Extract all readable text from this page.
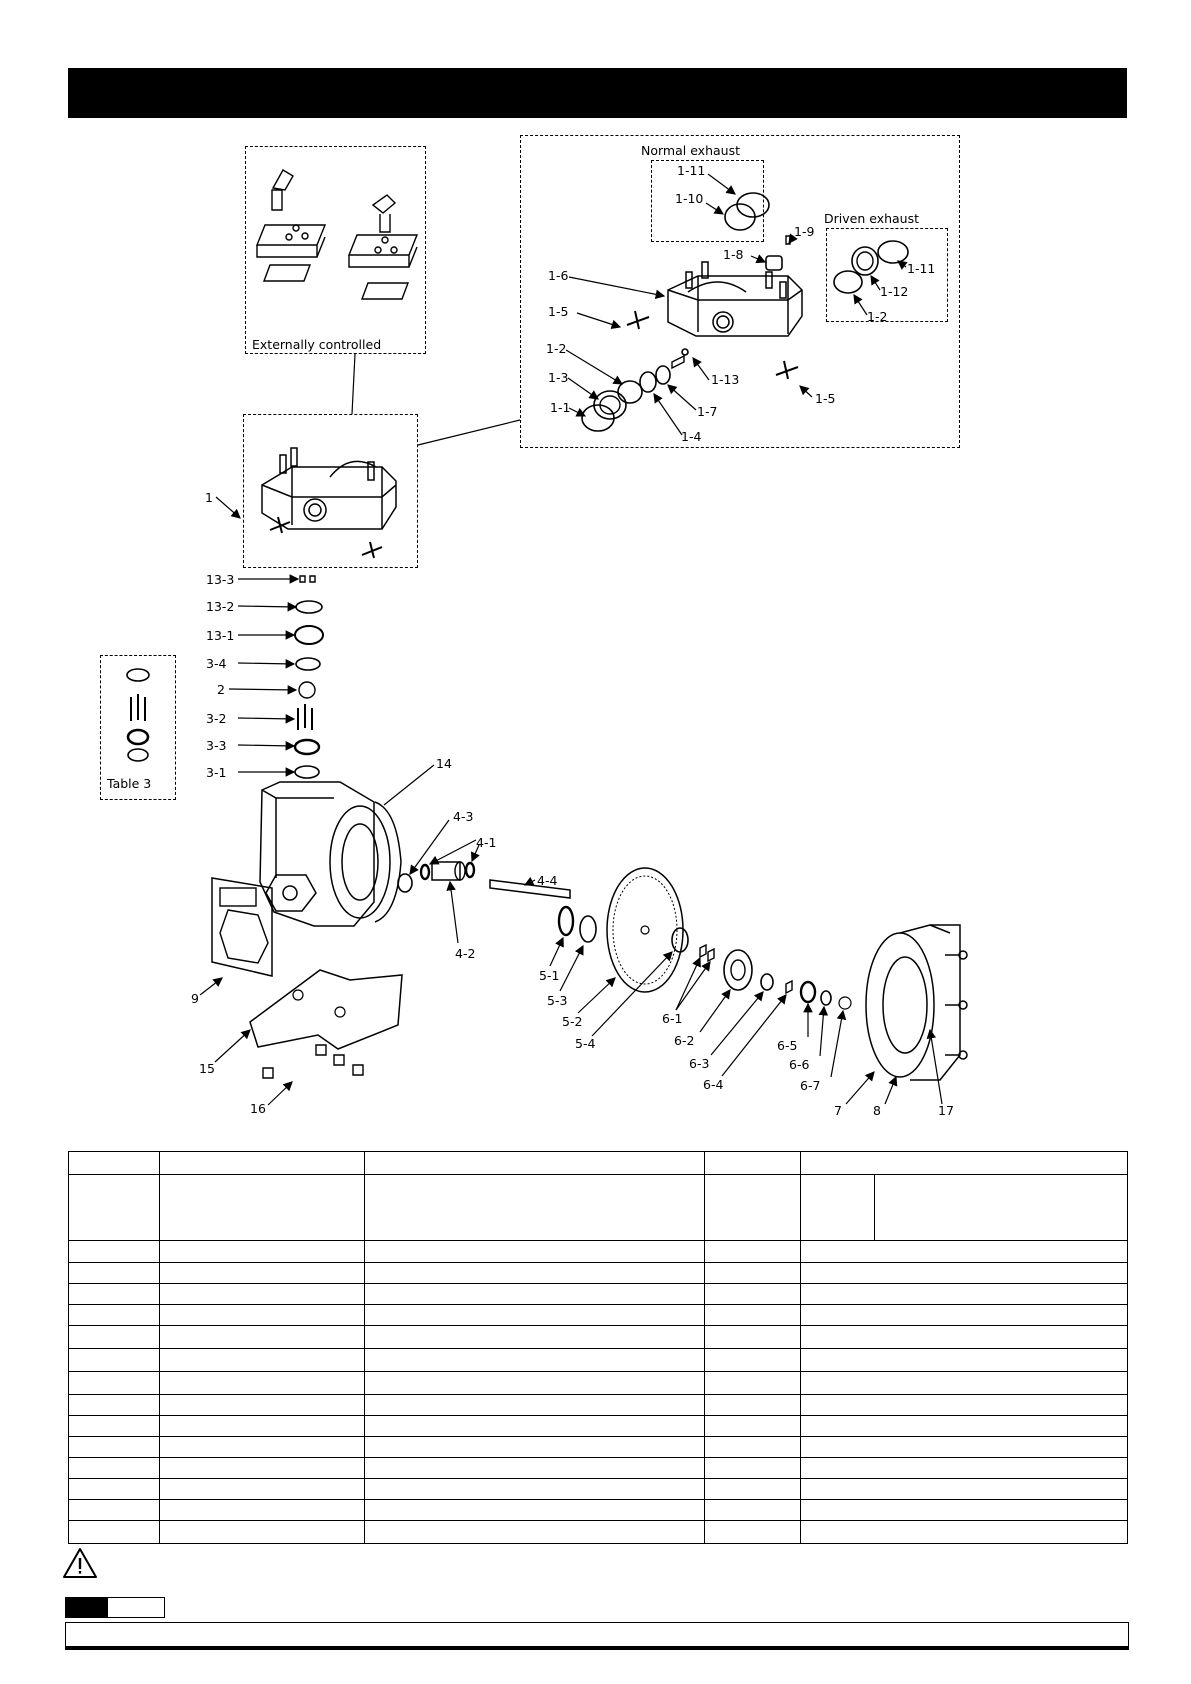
Externally controlled
Normal exhaust
Driven exhaust
Table 3
1-11
1-10
1-9
1-8
1-11
1-12
1-2
1-6
1-5
1-2
1-13
1-3
1-7
1-1
1-4
1-5
1
13-3
13-2
13-1
3-4
2
3-2
3-3
3-1
14
4-3
4-1
4-4
4-2
5-1
5-3
5-2
5-4
6-1
6-2
6-3
6-4
6-5
6-6
6-7
9
15
16	7 8	17
